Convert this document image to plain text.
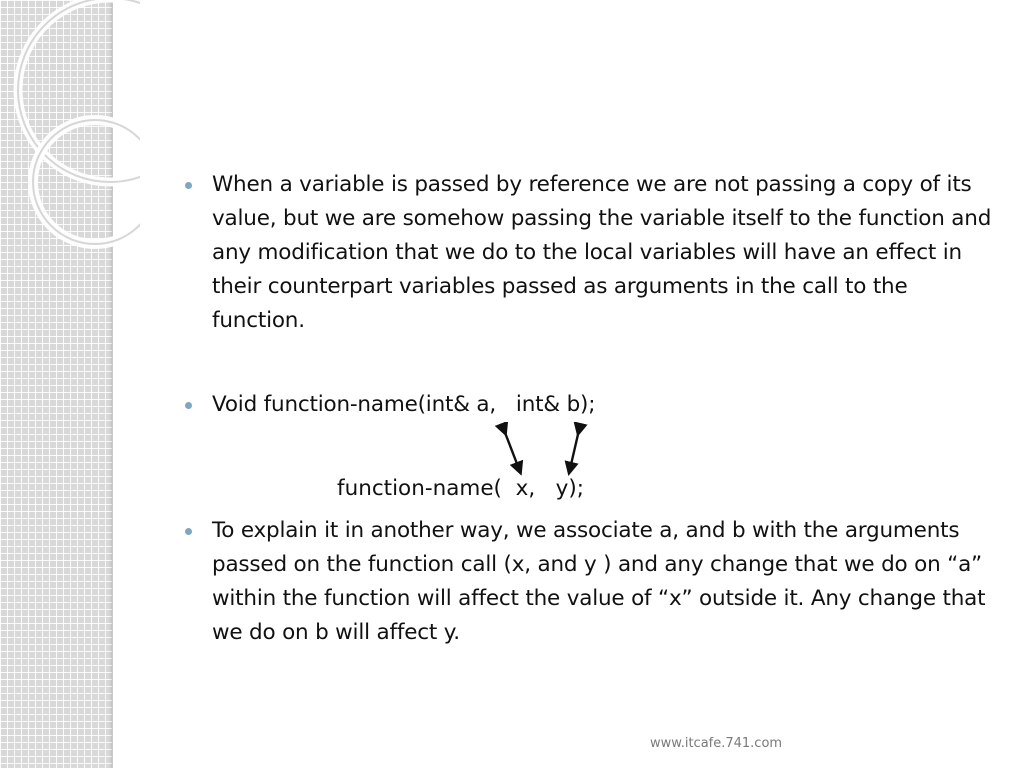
When a variable is passed by reference we are not passing a copy of its value, but we are somehow passing the variable itself to the function and any modification that we do to the local variables will have an effect in their counterpart variables passed as arguments in the call to the function.
Void function-name(int& a,   int& b);
function-name(  x,   y);
To explain it in another way, we associate a, and b with the arguments passed on the function call (x, and y ) and any change that we do on “a” within the function will affect the value of “x” outside it. Any change that we do on b will affect y.
www.itcafe.741.com
